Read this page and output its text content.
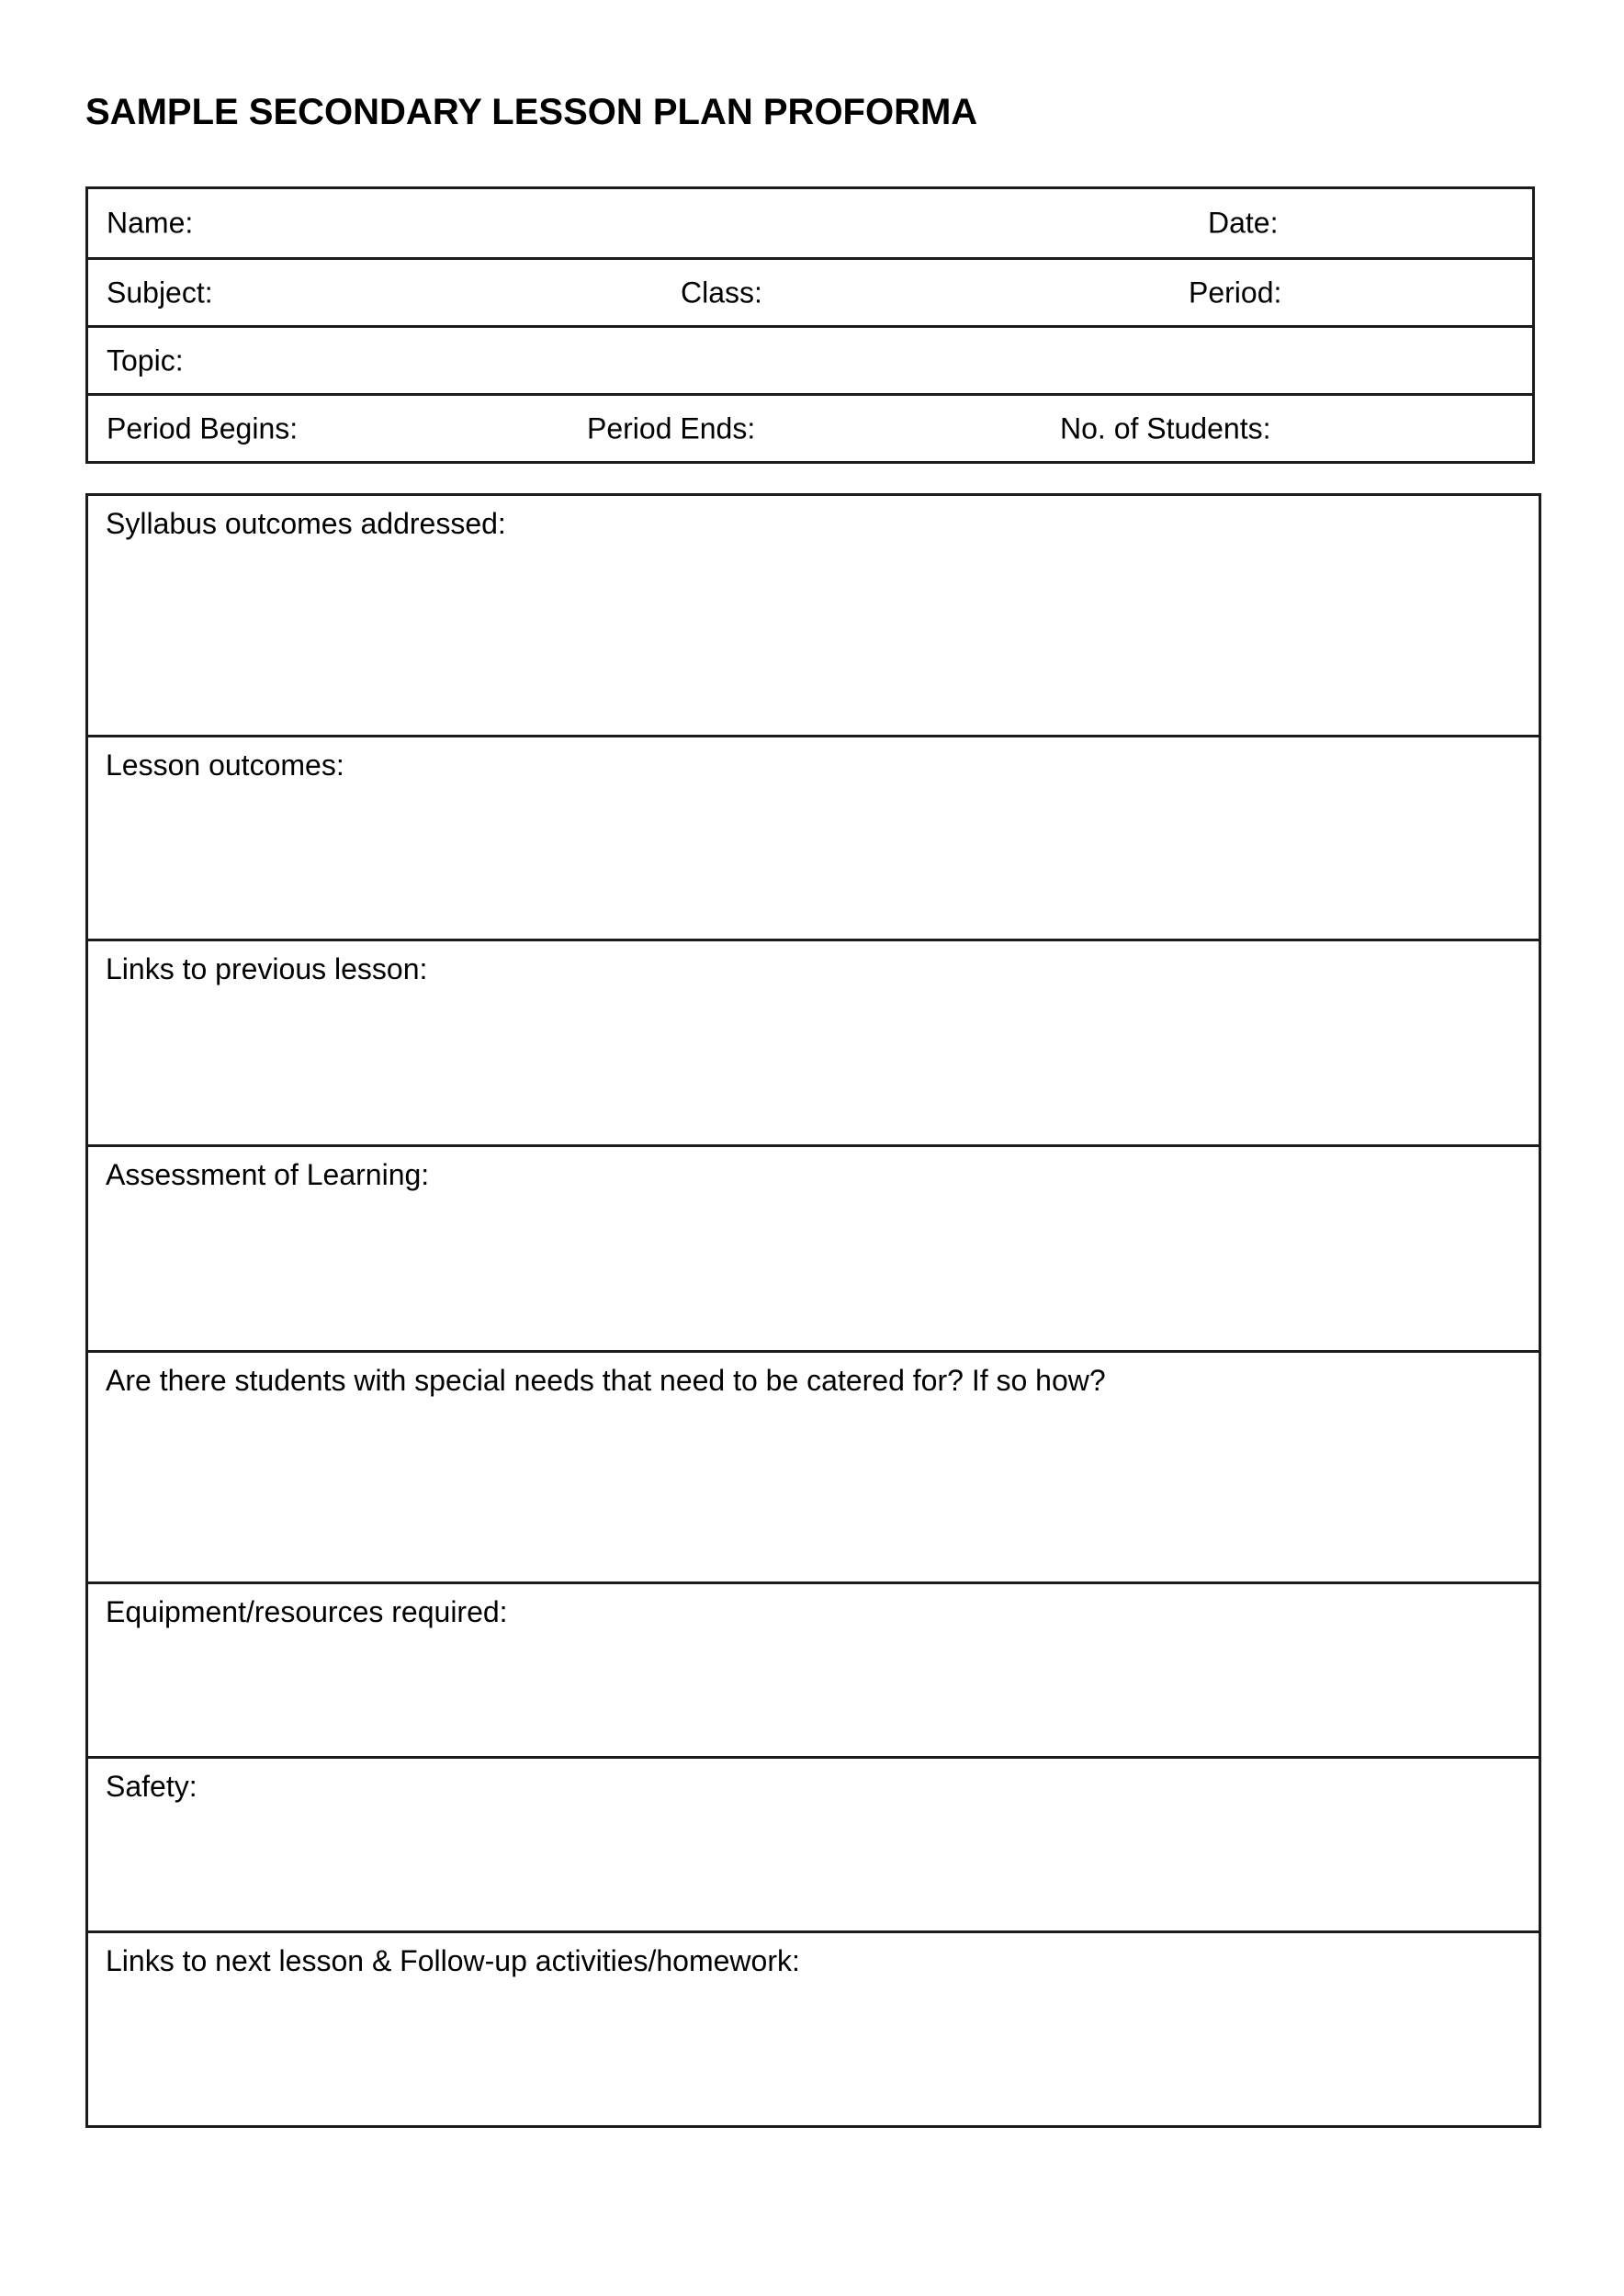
SAMPLE SECONDARY LESSON PLAN PROFORMA
Name:	Date:
Subject:	Class:	Period:
Topic:
Period Begins:	Period Ends:	No. of Students:
Syllabus outcomes addressed:
Lesson outcomes:
Links to previous lesson:
Assessment of Learning:
Are there students with special needs that need to be catered for? If so how?
Equipment/resources required:
Safety:
Links to next lesson & Follow-up activities/homework:
